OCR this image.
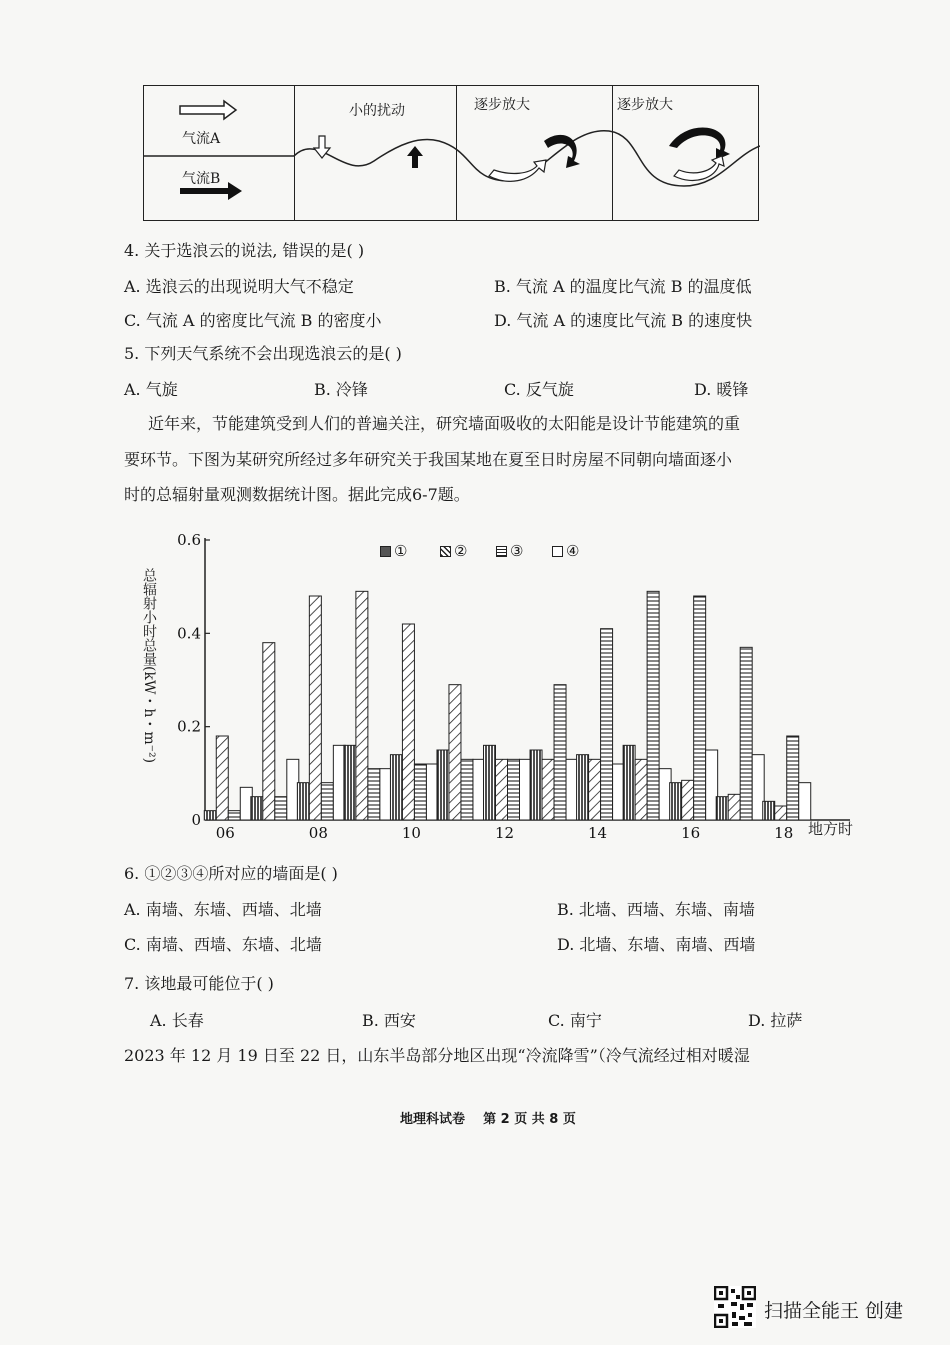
气流A
气流B
小的扰动	逐步放大	逐步放大
4. 关于选浪云的说法, 错误的是( )
A. 选浪云的出现说明大气不稳定	B. 气流 A 的温度比气流 B 的温度低
C. 气流 A 的密度比气流 B 的密度小	D. 气流 A 的速度比气流 B 的速度快
5. 下列天气系统不会出现选浪云的是( )
A. 气旋	B. 冷锋	C. 反气旋	D. 暖锋
近年来，节能建筑受到人们的普遍关注，研究墙面吸收的太阳能是设计节能建筑的重
要环节。下图为某研究所经过多年研究关于我国某地在夏至日时房屋不同朝向墙面逐小
时的总辐射量观测数据统计图。据此完成6-7题。
0
0.2
0.4
0.6
06	08	10	12	14	16	18
①	②	③	④
总辐射小时总量(kW・h・m⁻²)
地方时
6. ①②③④所对应的墙面是( )
A. 南墙、东墙、西墙、北墙	B. 北墙、西墙、东墙、南墙
C. 南墙、西墙、东墙、北墙	D. 北墙、东墙、南墙、西墙
7. 该地最可能位于( )
A. 长春	B. 西安	C. 南宁	D. 拉萨
2023 年 12 月 19 日至 22 日，山东半岛部分地区出现“冷流降雪”（冷气流经过相对暖湿
地理科试卷    第 2 页 共 8 页
扫描全能王 创建
